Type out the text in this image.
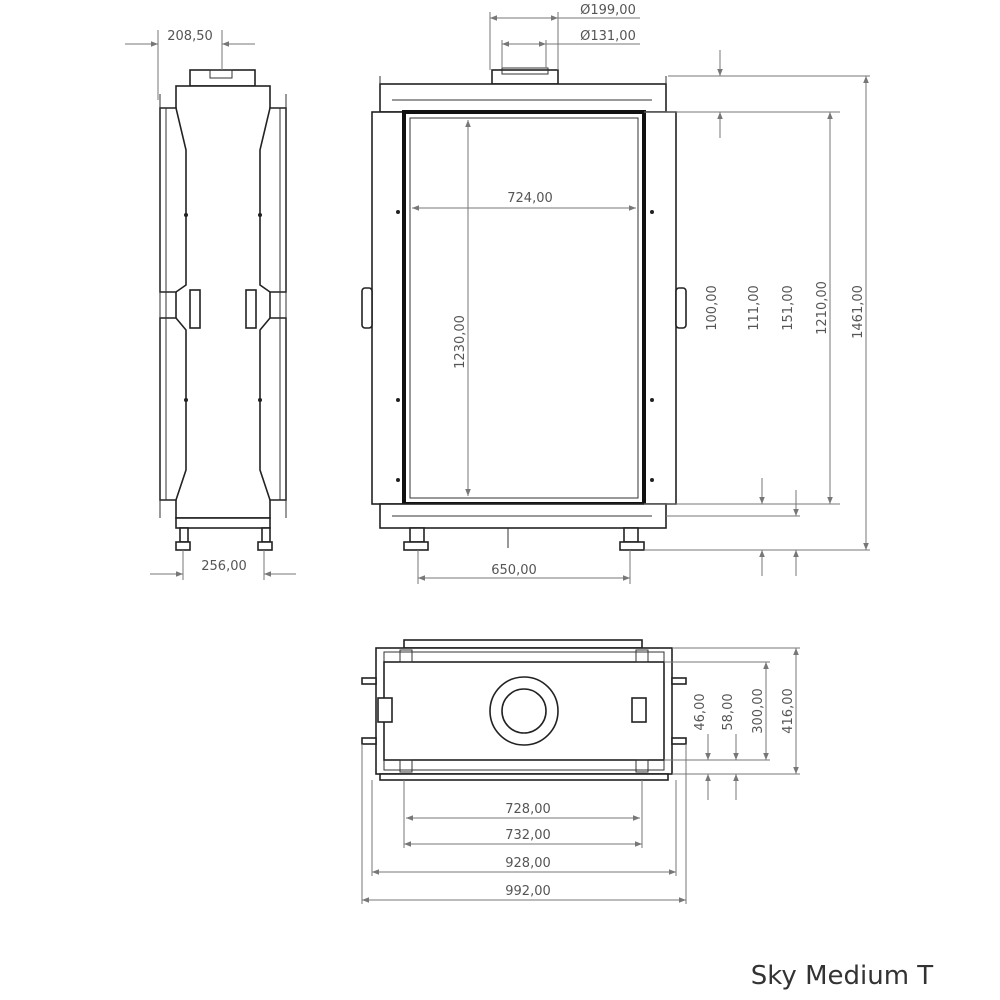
208,50
256,00
Ø199,00
Ø131,00
724,00
1230,00
650,00
100,00 111,00 151,00 1210,00 1461,00
46,00 58,00 300,00 416,00
728,00
732,00
928,00
992,00
Sky Medium T
